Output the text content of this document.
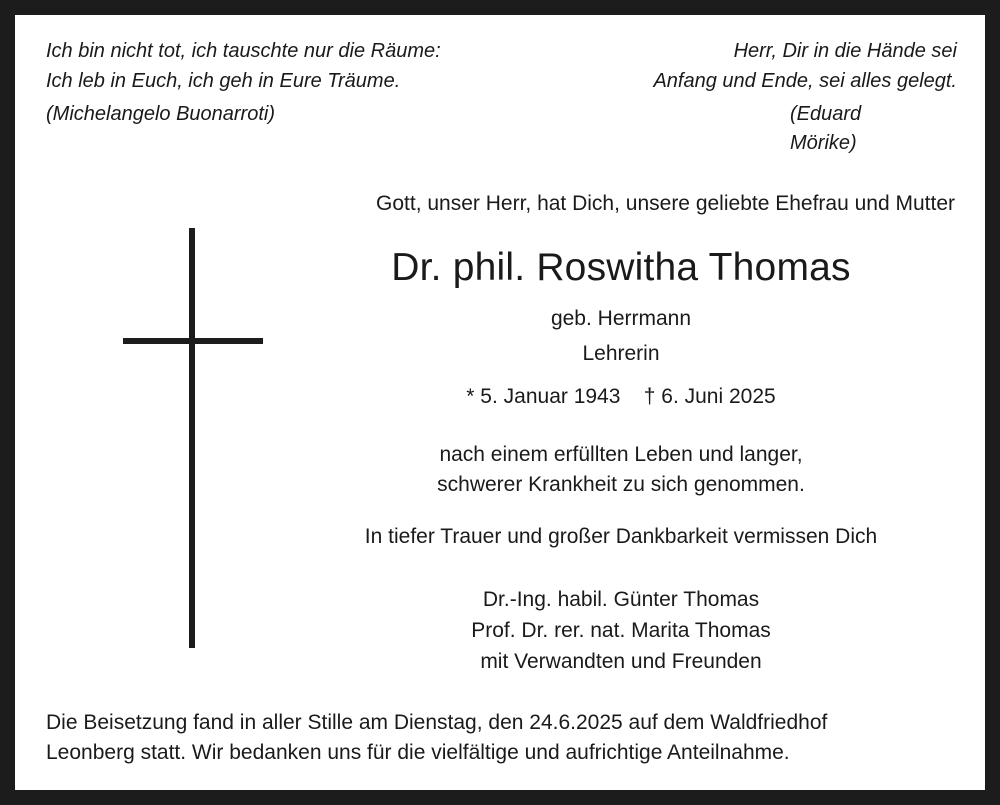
Ich bin nicht tot, ich tauschte nur die Räume:
Ich leb in Euch, ich geh in Eure Träume.
(Michelangelo Buonarroti)
Herr, Dir in die Hände sei
Anfang und Ende, sei alles gelegt.
(Eduard
Mörike)
Gott, unser Herr, hat Dich, unsere geliebte Ehefrau und Mutter
Dr. phil. Roswitha Thomas
geb. Herrmann
Lehrerin
* 5. Januar 1943    † 6. Juni 2025
nach einem erfüllten Leben und langer,
schwerer Krankheit zu sich genommen.
In tiefer Trauer und großer Dankbarkeit vermissen Dich
Dr.-Ing. habil. Günter Thomas
Prof. Dr. rer. nat. Marita Thomas
mit Verwandten und Freunden
Die Beisetzung fand in aller Stille am Dienstag, den 24.6.2025 auf dem Waldfriedhof
Leonberg statt. Wir bedanken uns für die vielfältige und aufrichtige Anteilnahme.
